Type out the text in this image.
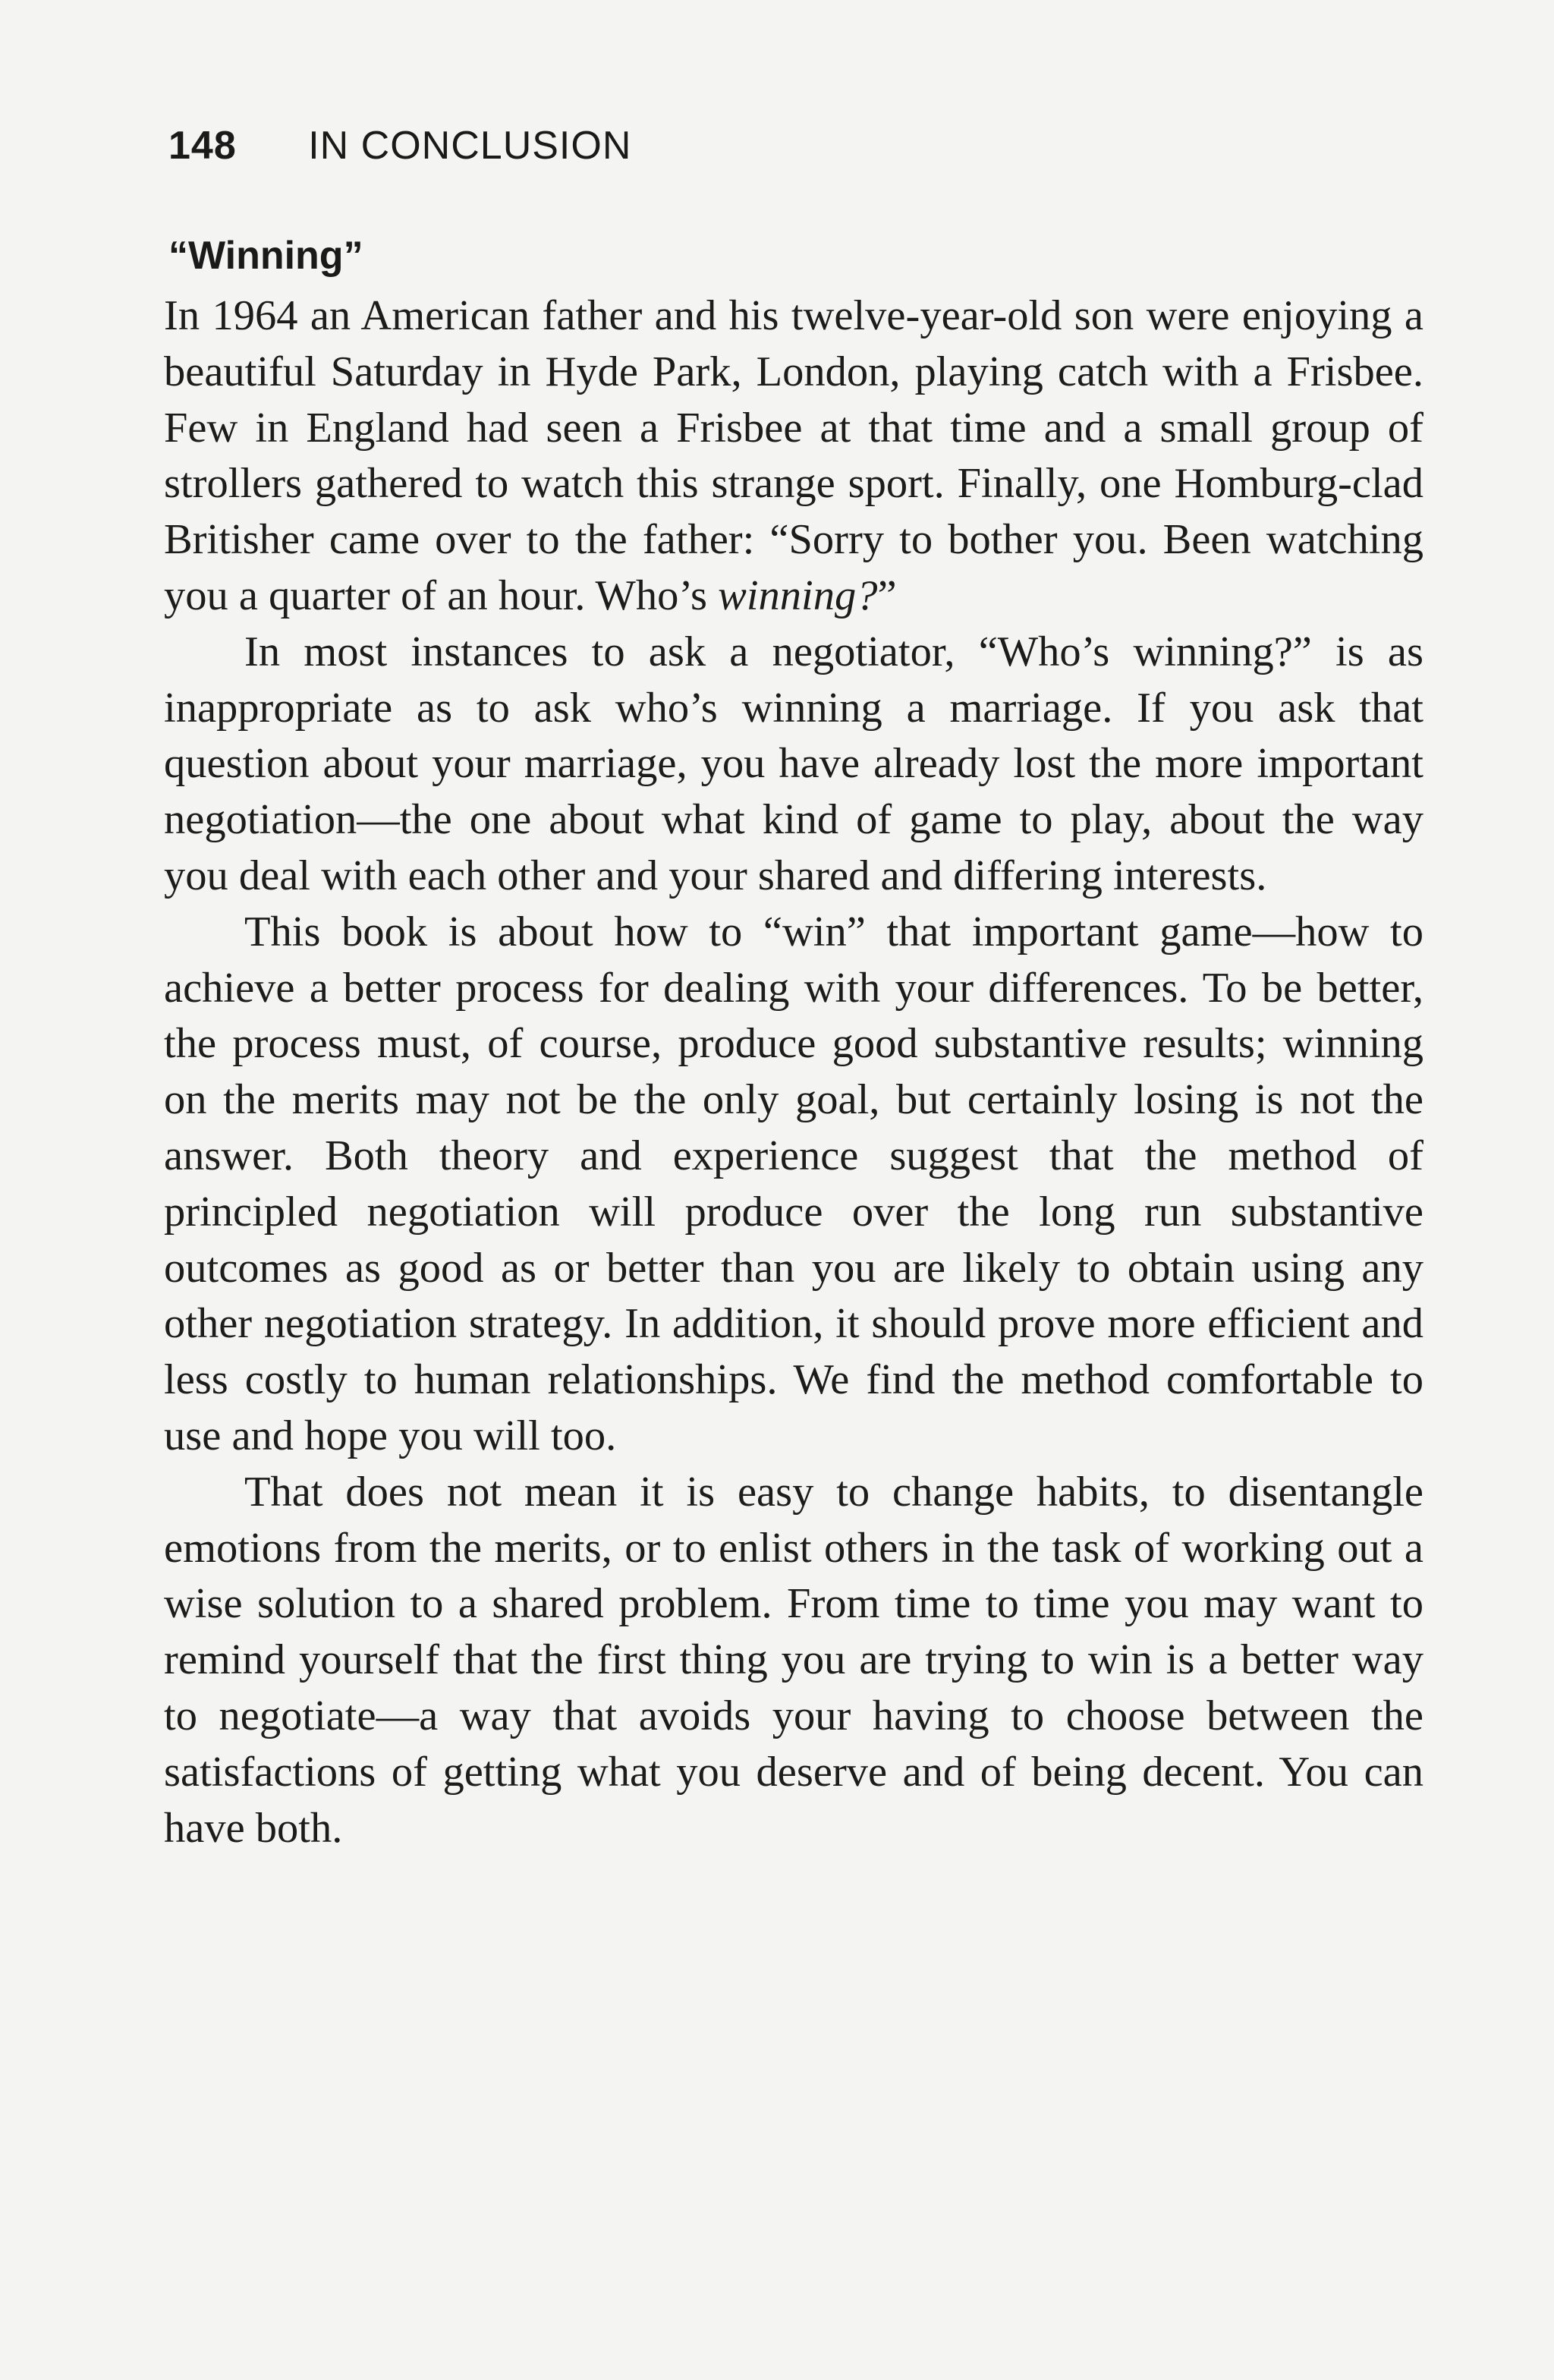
148 IN CONCLUSION
“Winning”

In 1964 an American father and his twelve-year-old son were enjoying a beautiful Saturday in Hyde Park, London, playing catch with a Frisbee. Few in England had seen a Frisbee at that time and a small group of strollers gathered to watch this strange sport. Finally, one Homburg-clad Britisher came over to the father: “Sorry to bother you. Been watching you a quarter of an hour. Who’s winning?”

In most instances to ask a negotiator, “Who’s winning?” is as inappropriate as to ask who’s winning a marriage. If you ask that question about your marriage, you have already lost the more important negotiation—the one about what kind of game to play, about the way you deal with each other and your shared and differing interests.

This book is about how to “win” that important game—how to achieve a better process for dealing with your differences. To be better, the process must, of course, produce good substantive results; winning on the merits may not be the only goal, but certainly losing is not the answer. Both theory and experience suggest that the method of principled negotiation will produce over the long run substantive outcomes as good as or better than you are likely to obtain using any other negotiation strategy. In addition, it should prove more efficient and less costly to human relationships. We find the method comfortable to use and hope you will too.

That does not mean it is easy to change habits, to disentangle emotions from the merits, or to enlist others in the task of working out a wise solution to a shared problem. From time to time you may want to remind yourself that the first thing you are trying to win is a better way to negotiate—a way that avoids your having to choose between the satisfactions of getting what you deserve and of being decent. You can have both.
